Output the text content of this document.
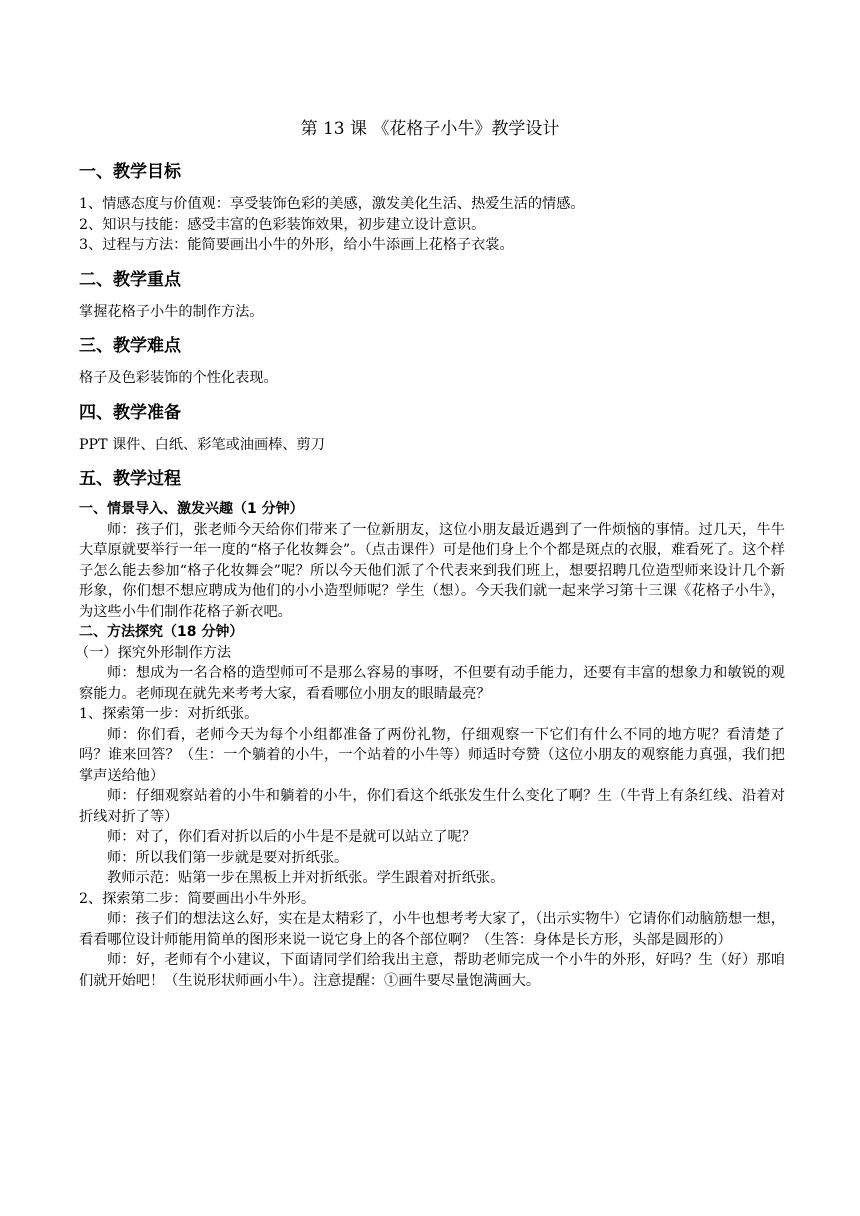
第 13 课 《花格子小牛》教学设计
一、教学目标

1、情感态度与价值观：享受装饰色彩的美感，激发美化生活、热爱生活的情感。

2、知识与技能：感受丰富的色彩装饰效果，初步建立设计意识。

3、过程与方法：能简要画出小牛的外形，给小牛添画上花格子衣裳。

二、教学重点

掌握花格子小牛的制作方法。

三、教学难点

格子及色彩装饰的个性化表现。

四、教学准备

PPT 课件、白纸、彩笔或油画棒、剪刀

五、教学过程
一、情景导入、激发兴趣（1 分钟）

师：孩子们，张老师今天给你们带来了一位新朋友，这位小朋友最近遇到了一件烦恼的事情。过几天，牛牛大草原就要举行一年一度的“格子化妆舞会”。（点击课件）可是他们身上个个都是斑点的衣服，难看死了。这个样子怎么能去参加“格子化妆舞会”呢？所以今天他们派了个代表来到我们班上，想要招聘几位造型师来设计几个新形象，你们想不想应聘成为他们的小小造型师呢？学生（想）。今天我们就一起来学习第十三课《花格子小牛》，为这些小牛们制作花格子新衣吧。

二、方法探究（18 分钟）

（一）探究外形制作方法

师：想成为一名合格的造型师可不是那么容易的事呀，不但要有动手能力，还要有丰富的想象力和敏锐的观察能力。老师现在就先来考考大家，看看哪位小朋友的眼睛最亮？

1、探索第一步：对折纸张。

师：你们看，老师今天为每个小组都准备了两份礼物，仔细观察一下它们有什么不同的地方呢？看清楚了吗？谁来回答？（生：一个躺着的小牛，一个站着的小牛等）师适时夸赞（这位小朋友的观察能力真强，我们把掌声送给他）

师：仔细观察站着的小牛和躺着的小牛，你们看这个纸张发生什么变化了啊？生（牛背上有条红线、沿着对折线对折了等）

师：对了，你们看对折以后的小牛是不是就可以站立了呢？

师：所以我们第一步就是要对折纸张。

教师示范：贴第一步在黑板上并对折纸张。学生跟着对折纸张。

2、探索第二步：简要画出小牛外形。

师：孩子们的想法这么好，实在是太精彩了，小牛也想考考大家了，（出示实物牛）它请你们动脑筋想一想，看看哪位设计师能用简单的图形来说一说它身上的各个部位啊？（生答：身体是长方形，头部是圆形的）

师：好，老师有个小建议，下面请同学们给我出主意，帮助老师完成一个小牛的外形，好吗？生（好）那咱们就开始吧！（生说形状师画小牛）。注意提醒：①画牛要尽量饱满画大。
